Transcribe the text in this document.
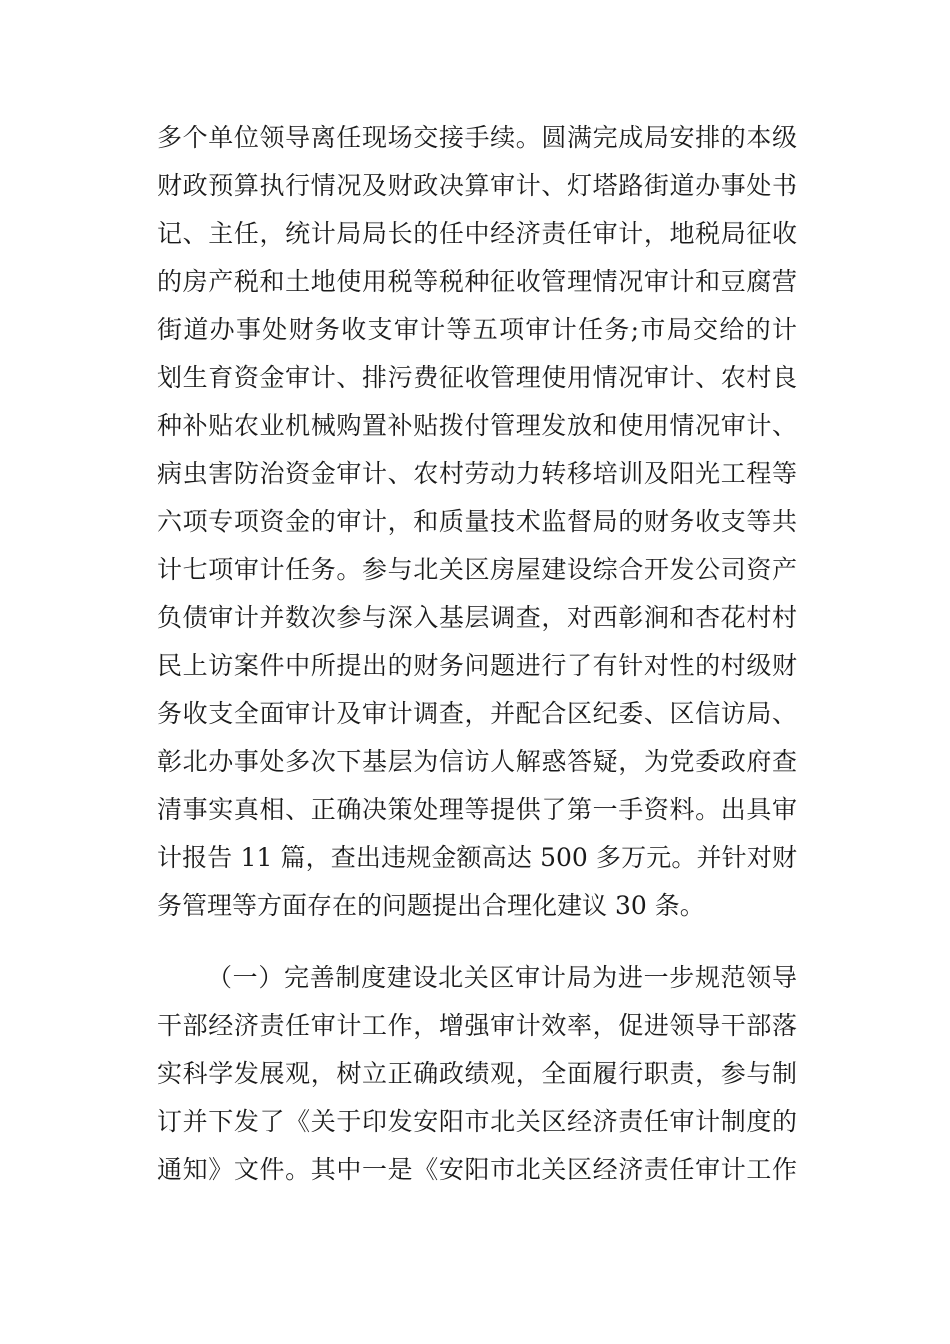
多个单位领导离任现场交接手续。圆满完成局安排的本级
财政预算执行情况及财政决算审计、灯塔路街道办事处书
记、主任，统计局局长的任中经济责任审计，地税局征收
的房产税和土地使用税等税种征收管理情况审计和豆腐营
街道办事处财务收支审计等五项审计任务;市局交给的计
划生育资金审计、排污费征收管理使用情况审计、农村良
种补贴农业机械购置补贴拨付管理发放和使用情况审计、
病虫害防治资金审计、农村劳动力转移培训及阳光工程等
六项专项资金的审计，和质量技术监督局的财务收支等共
计七项审计任务。参与北关区房屋建设综合开发公司资产
负债审计并数次参与深入基层调查，对西彰涧和杏花村村
民上访案件中所提出的财务问题进行了有针对性的村级财
务收支全面审计及审计调查，并配合区纪委、区信访局、
彰北办事处多次下基层为信访人解惑答疑，为党委政府查
清事实真相、正确决策处理等提供了第一手资料。出具审
计报告 11 篇，查出违规金额高达 500 多万元。并针对财
务管理等方面存在的问题提出合理化建议 30 条。
（一）完善制度建设北关区审计局为进一步规范领导
干部经济责任审计工作，增强审计效率，促进领导干部落
实科学发展观，树立正确政绩观，全面履行职责，参与制
订并下发了《关于印发安阳市北关区经济责任审计制度的
通知》文件。其中一是《安阳市北关区经济责任审计工作
